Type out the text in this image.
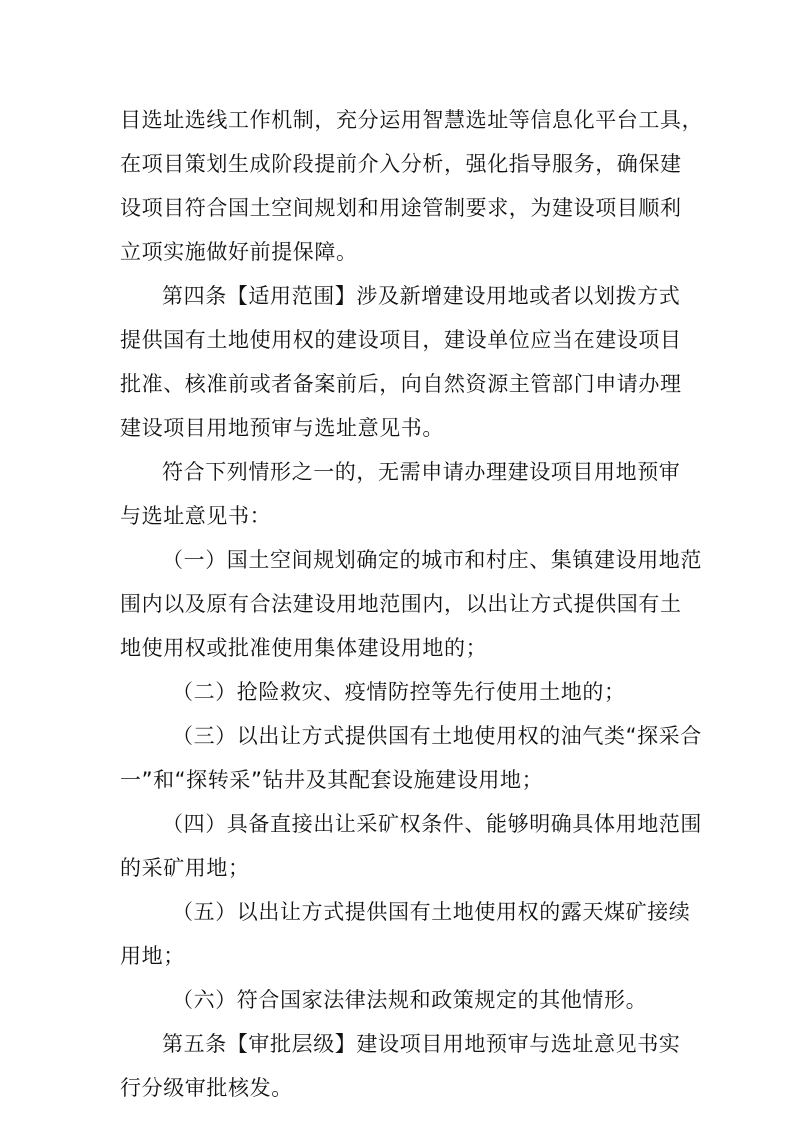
目选址选线工作机制，充分运用智慧选址等信息化平台工具，
在项目策划生成阶段提前介入分析，强化指导服务，确保建
设项目符合国土空间规划和用途管制要求，为建设项目顺利
立项实施做好前提保障。
第四条【适用范围】涉及新增建设用地或者以划拨方式
提供国有土地使用权的建设项目，建设单位应当在建设项目
批准、核准前或者备案前后，向自然资源主管部门申请办理
建设项目用地预审与选址意见书。
符合下列情形之一的，无需申请办理建设项目用地预审
与选址意见书：
（一）国土空间规划确定的城市和村庄、集镇建设用地范
围内以及原有合法建设用地范围内，以出让方式提供国有土
地使用权或批准使用集体建设用地的；
（二）抢险救灾、疫情防控等先行使用土地的；
（三）以出让方式提供国有土地使用权的油气类“探采合
一”和“探转采”钻井及其配套设施建设用地；
（四）具备直接出让采矿权条件、能够明确具体用地范围
的采矿用地；
（五）以出让方式提供国有土地使用权的露天煤矿接续
用地；
（六）符合国家法律法规和政策规定的其他情形。
第五条【审批层级】建设项目用地预审与选址意见书实
行分级审批核发。
